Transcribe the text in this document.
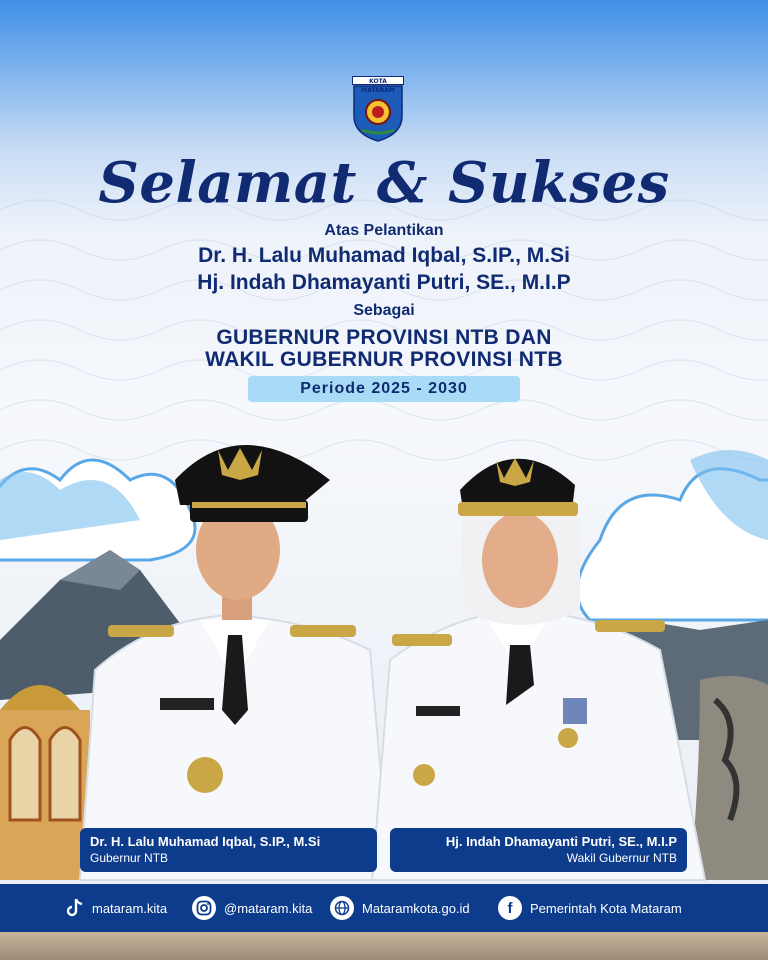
KOTA MATARAM
Selamat & Sukses
Atas Pelantikan
Dr. H. Lalu Muhamad Iqbal, S.IP., M.Si
Hj. Indah Dhamayanti Putri, SE., M.I.P
Sebagai
GUBERNUR PROVINSI NTB DAN
WAKIL GUBERNUR PROVINSI NTB
Periode 2025 - 2030
Dr. H. Lalu Muhamad Iqbal, S.IP., M.Si
Gubernur NTB
Hj. Indah Dhamayanti Putri, SE., M.I.P
Wakil Gubernur NTB
mataram.kita	@mataram.kita	Mataramkota.go.id	f	Pemerintah Kota Mataram
